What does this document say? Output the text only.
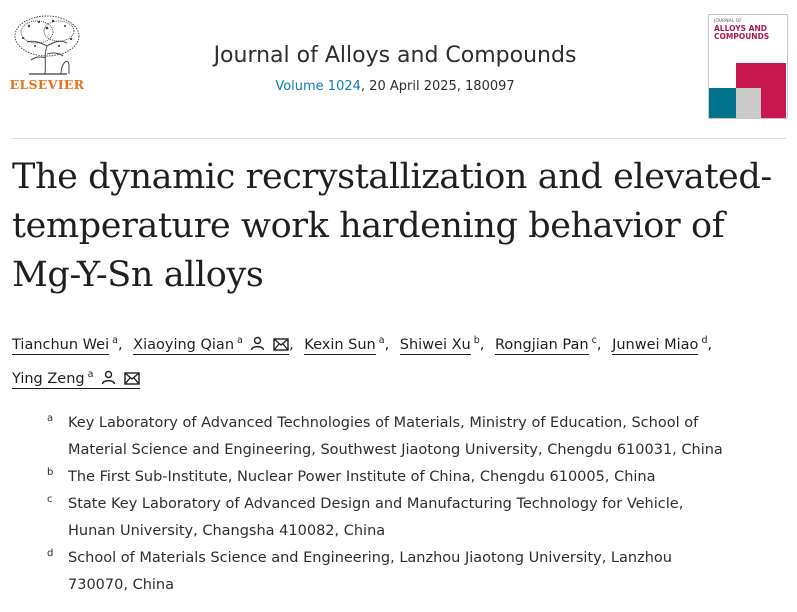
ELSEVIER
Journal of Alloys and Compounds
Volume 1024, 20 April 2025, 180097
JOURNAL OF
ALLOYS AND
COMPOUNDS
The dynamic recrystallization and elevated-
temperature work hardening behavior of
Mg-Y-Sn alloys
Tianchun Wei $^a$, Xiaoying Qian $^a$	, Kexin Sun $^a$, Shiwei Xu $^b$, Rongjian Pan $^c$, Junwei Miao $^d$,
Ying Zeng $^a$
a Key Laboratory of Advanced Technologies of Materials, Ministry of Education, School of
Material Science and Engineering, Southwest Jiaotong University, Chengdu 610031, China
b The First Sub-Institute, Nuclear Power Institute of China, Chengdu 610005, China
c State Key Laboratory of Advanced Design and Manufacturing Technology for Vehicle,
Hunan University, Changsha 410082, China
d School of Materials Science and Engineering, Lanzhou Jiaotong University, Lanzhou
730070, China
